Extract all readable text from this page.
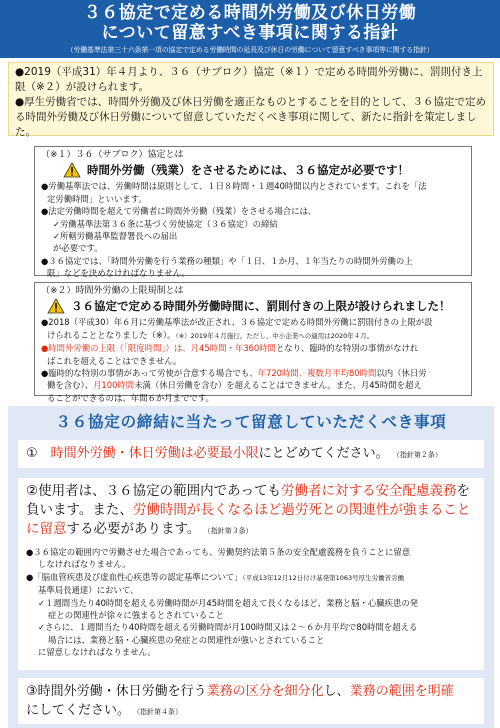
３６協定で定める時間外労働及び休日労働
について留意すべき事項に関する指針
（労働基準法第三十六条第一項の協定で定める労働時間の延長及び休日の労働について留意すべき事項等に関する指針）

●2019（平成31）年４月より、３６（サブロク）協定（※１）で定める時間外労働に、罰則付き上限（※２）が設けられます。

●厚生労働省では、時間外労働及び休日労働を適正なものとすることを目的として、３６協定で定める時間外労働及び休日労働について留意していただくべき事項に関して、新たに指針を策定しました。

（※１）３６（サブロク）協定とは
時間外労働（残業）をさせるためには、３６協定が必要です！

●労働基準法では、労働時間は原則として、１日８時間・１週40時間以内とされています。これを「法

定労働時間」といいます。

●法定労働時間を超えて労働者に時間外労働（残業）をさせる場合には、

✓労働基準法第３６条に基づく労使協定（３６協定）の締結

✓所轄労働基準監督署長への届出

が必要です。

●３６協定では、「時間外労働を行う業務の種類」や「１日、１か月、１年当たりの時間外労働の上

限」などを決めなければなりません。

（※２）時間外労働の上限規制とは
３６協定で定める時間外労働時間に、罰則付きの上限が設けられました！

●2018（平成30）年６月に労働基準法が改正され、３６協定で定める時間外労働に罰則付きの上限が設

けられることとなりました（※）。（※）2019年４月施行。ただし、中小企業への適用は2020年４月。

●時間外労働の上限（「限度時間」）は、月45時間・年360時間となり、臨時的な特別の事情がなけれ

ばこれを超えることはできません。

●臨時的な特別の事情があって労使が合意する場合でも、年720時間、複数月平均80時間以内（休日労

働を含む）、月100時間未満（休日労働を含む）を超えることはできません。また、月45時間を超え

ることができるのは、年間６か月までです。

３６協定の締結に当たって留意していただくべき事項
①　時間外労働・休日労働は必要最小限にとどめてください。 （指針第２条）

②使用者は、３６協定の範囲内であっても労働者に対する安全配慮義務を

負います。また、労働時間が長くなるほど過労死との関連性が強まること

に留意する必要があります。　 （指針第３条）

●３６協定の範囲内で労働させた場合であっても、労働契約法第５条の安全配慮義務を負うことに留意

しなければなりません。

●「脳血管疾患及び虚血性心疾患等の認定基準について」（平成13年12月12日付け基発第1063号厚生労働省労働

基準局長通達）において、

✓１週間当たり40時間を超える労働時間が月45時間を超えて長くなるほど、業務と脳・心臓疾患の発

症との関連性が徐々に強まるとされていること

✓さらに、１週間当たり40時間を超える労働時間が月100時間又は２～６か月平均で80時間を超える

場合には、業務と脳・心臓疾患の発症との関連性が強いとされていること

に留意しなければなりません。

③時間外労働・休日労働を行う業務の区分を細分化し、業務の範囲を明確
にしてください。　 （指針第４条）
